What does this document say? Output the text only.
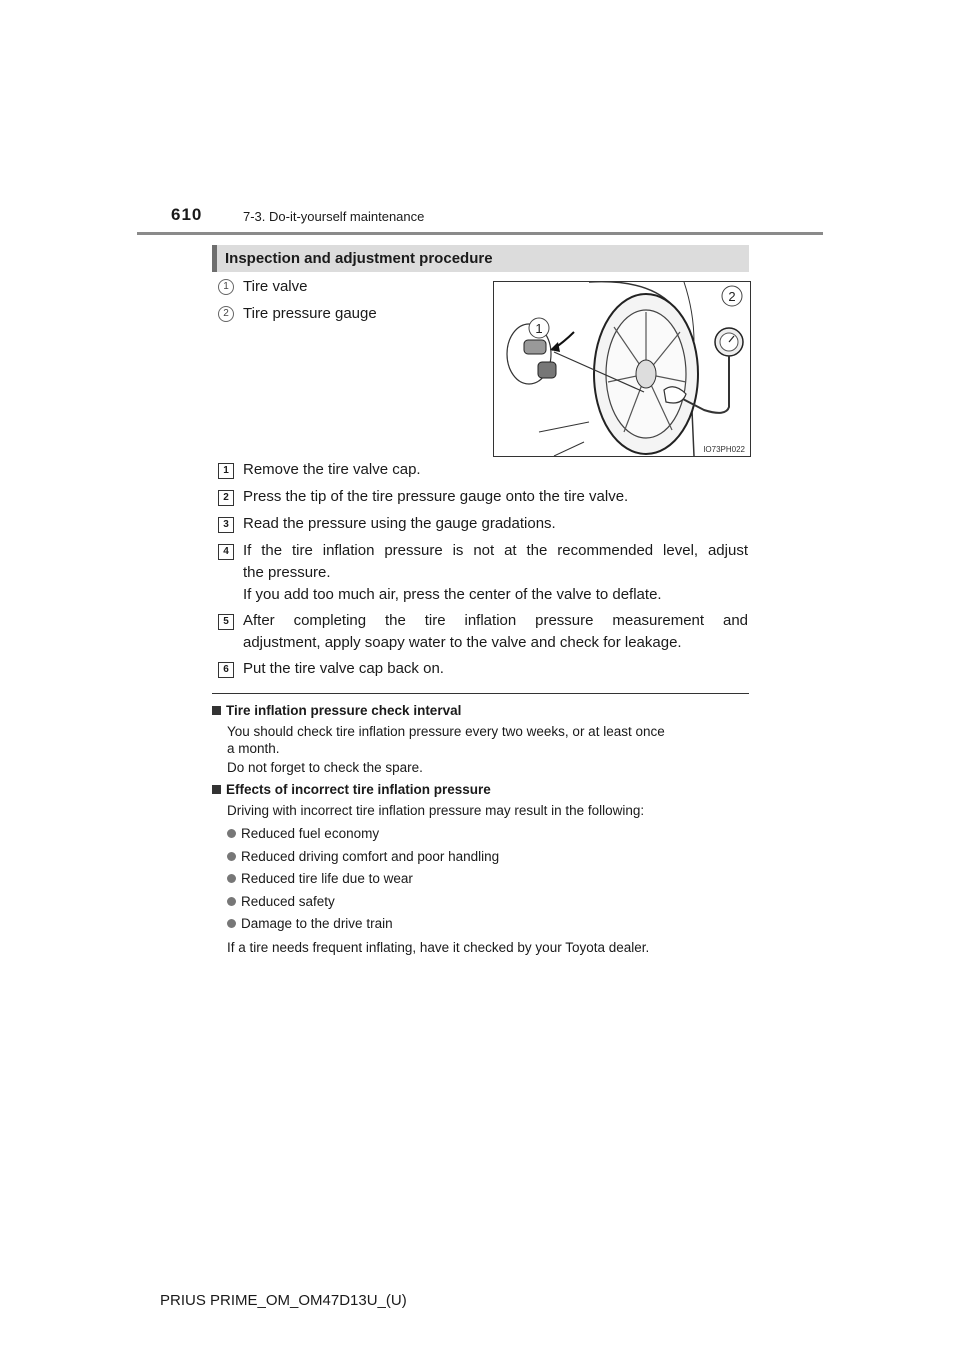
610	7-3. Do-it-yourself maintenance
Inspection and adjustment procedure
1 Tire valve
2 Tire pressure gauge
1
2
IO73PH022
1 Remove the tire valve cap.
2 Press the tip of the tire pressure gauge onto the tire valve.
3 Read the pressure using the gauge gradations.
4 If the tire inflation pressure is not at the recommended level, adjust
the pressure.
If you add too much air, press the center of the valve to deflate.
5 After completing the tire inflation pressure measurement and
adjustment, apply soapy water to the valve and check for leakage.
6 Put the tire valve cap back on.
Tire inflation pressure check interval
You should check tire inflation pressure every two weeks, or at least once
a month.
Do not forget to check the spare.
Effects of incorrect tire inflation pressure
Driving with incorrect tire inflation pressure may result in the following:
Reduced fuel economy
Reduced driving comfort and poor handling
Reduced tire life due to wear
Reduced safety
Damage to the drive train
If a tire needs frequent inflating, have it checked by your Toyota dealer.
PRIUS PRIME_OM_OM47D13U_(U)
